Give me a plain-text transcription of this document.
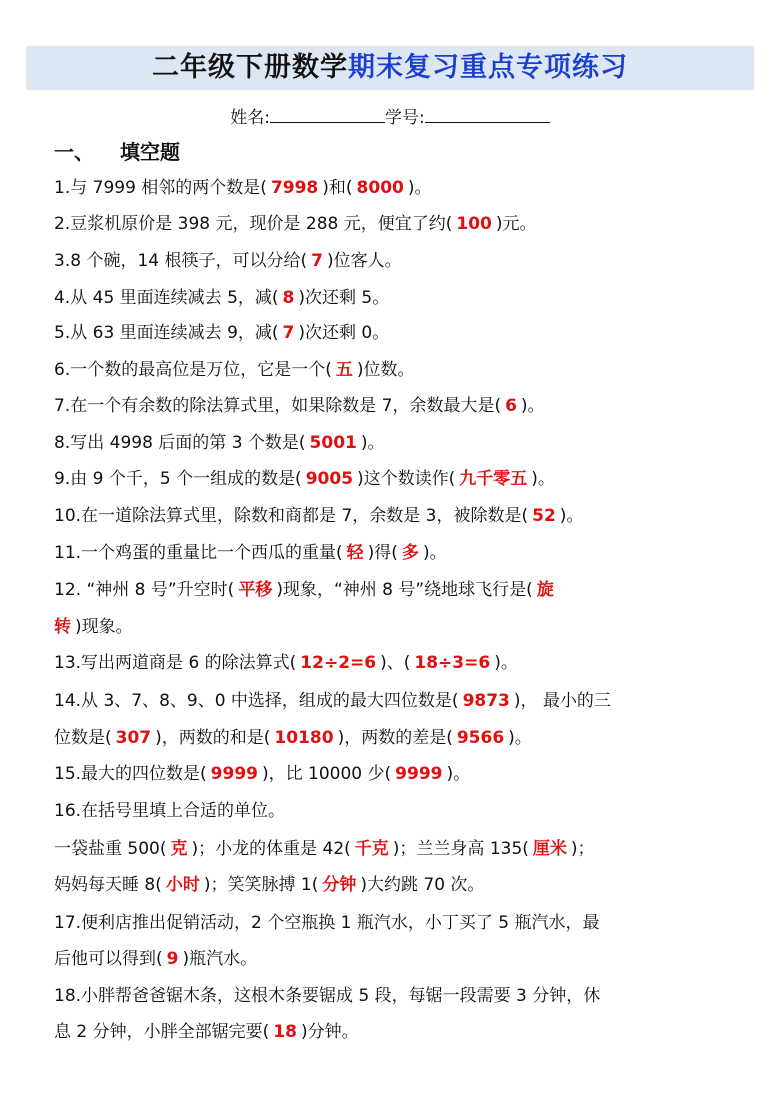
二年级下册数学期末复习重点专项练习
姓名:	学号:
一、 填空题
1.与 7999 相邻的两个数是( 7998 )和( 8000 )。
2.豆浆机原价是 398 元，现价是 288 元，便宜了约( 100 )元。
3.8 个碗，14 根筷子，可以分给( 7 )位客人。
4.从 45 里面连续减去 5，减( 8 )次还剩 5。
5.从 63 里面连续减去 9，减( 7 )次还剩 0。
6.一个数的最高位是万位，它是一个( 五 )位数。
7.在一个有余数的除法算式里，如果除数是 7，余数最大是( 6 )。
8.写出 4998 后面的第 3 个数是( 5001 )。
9.由 9 个千，5 个一组成的数是( 9005 )这个数读作( 九千零五 )。
10.在一道除法算式里，除数和商都是 7，余数是 3，被除数是( 52 )。
11.一个鸡蛋的重量比一个西瓜的重量( 轻 )得( 多 )。
12. “神州 8 号”升空时( 平移 )现象，“神州 8 号”绕地球飞行是( 旋
转 )现象。
13.写出两道商是 6 的除法算式( 12÷2=6 )、( 18÷3=6 )。
14.从 3、7、8、9、0 中选择，组成的最大四位数是( 9873 )， 最小的三
位数是( 307 )，两数的和是( 10180 )，两数的差是( 9566 )。
15.最大的四位数是( 9999 )，比 10000 少( 9999 )。
16.在括号里填上合适的单位。
一袋盐重 500( 克 )；小龙的体重是 42( 千克 )；兰兰身高 135( 厘米 )；
妈妈每天睡 8( 小时 )；笑笑脉搏 1( 分钟 )大约跳 70 次。
17.便利店推出促销活动，2 个空瓶换 1 瓶汽水，小丁买了 5 瓶汽水，最
后他可以得到( 9 )瓶汽水。
18.小胖帮爸爸锯木条，这根木条要锯成 5 段，每锯一段需要 3 分钟，休
息 2 分钟，小胖全部锯完要( 18 )分钟。
